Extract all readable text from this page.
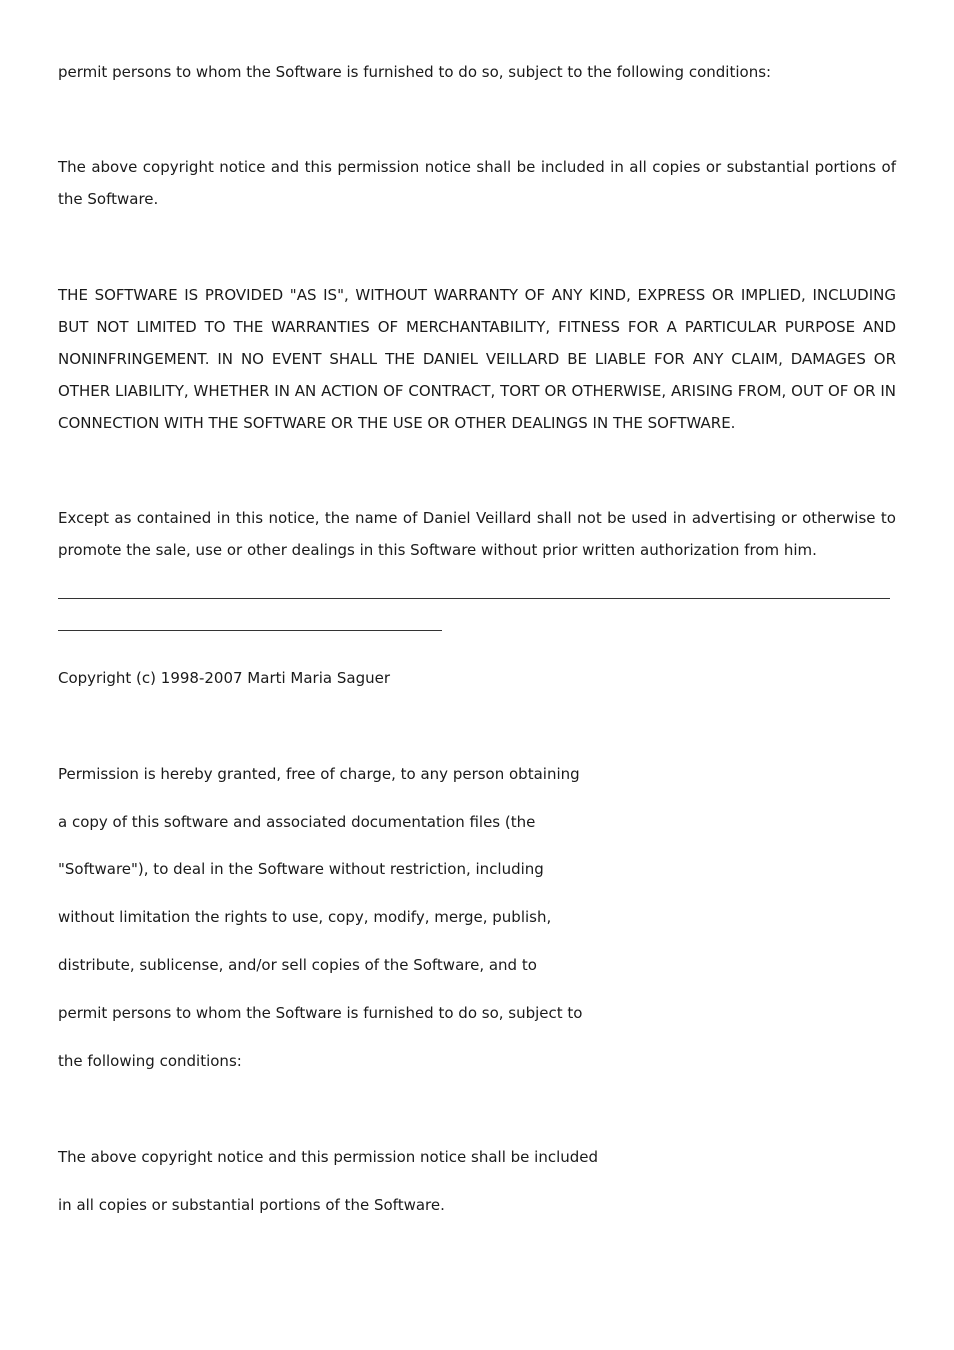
permit persons to whom the Software is furnished to do so, subject to the following conditions:

The above copyright notice and this permission notice shall be included in all copies or substantial portions of the Software.

THE SOFTWARE IS PROVIDED "AS IS", WITHOUT WARRANTY OF ANY KIND, EXPRESS OR IMPLIED, INCLUDING BUT NOT LIMITED TO THE WARRANTIES OF MERCHANTABILITY, FITNESS FOR A PARTICULAR PURPOSE AND NONINFRINGEMENT. IN NO EVENT SHALL THE DANIEL VEILLARD BE LIABLE FOR ANY CLAIM, DAMAGES OR OTHER LIABILITY, WHETHER IN AN ACTION OF CONTRACT, TORT OR OTHERWISE, ARISING FROM, OUT OF OR IN CONNECTION WITH THE SOFTWARE OR THE USE OR OTHER DEALINGS IN THE SOFTWARE.

Except as contained in this notice, the name of Daniel Veillard shall not be used in advertising or otherwise to promote the sale, use or other dealings in this Software without prior written authorization from him.

Copyright (c) 1998-2007 Marti Maria Saguer

Permission is hereby granted, free of charge, to any person obtaining

a copy of this software and associated documentation files (the

"Software"), to deal in the Software without restriction, including

without limitation the rights to use, copy, modify, merge, publish,

distribute, sublicense, and/or sell copies of the Software, and to

permit persons to whom the Software is furnished to do so, subject to

the following conditions:

The above copyright notice and this permission notice shall be included

in all copies or substantial portions of the Software.
